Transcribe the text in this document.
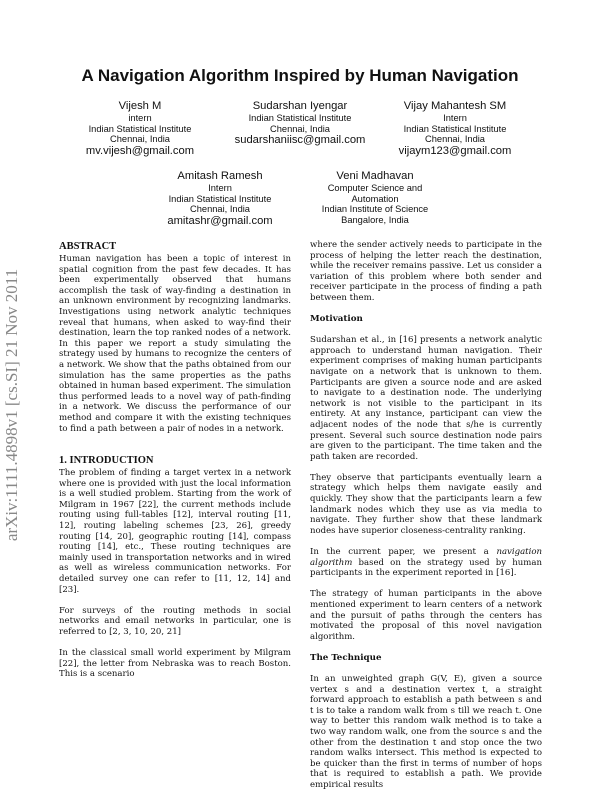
A Navigation Algorithm Inspired by Human Navigation
Vijesh M
intern
Indian Statistical Institute
Chennai, India
mv.vijesh@gmail.com
Sudarshan Iyengar
Indian Statistical Institute
Chennai, India
sudarshaniisc@gmail.com
Vijay Mahantesh SM
Intern
Indian Statistical Institute
Chennai, India
vijaym123@gmail.com
Amitash Ramesh
Intern
Indian Statistical Institute
Chennai, India
amitashr@gmail.com
Veni Madhavan
Computer Science and
Automation
Indian Institute of Science
Bangalore, India
arXiv:1111.4898v1 [cs.SI] 21 Nov 2011
ABSTRACT

Human navigation has been a topic of interest in spatial cognition from the past few decades. It has been experimentally observed that humans accomplish the task of way-finding a destination in an unknown environment by recognizing landmarks. Investigations using network analytic techniques reveal that humans, when asked to way-find their destination, learn the top ranked nodes of a network. In this paper we report a study simulating the strategy used by humans to recognize the centers of a network. We show that the paths obtained from our simulation has the same properties as the paths obtained in human based experiment. The simulation thus performed leads to a novel way of path-finding in a network. We discuss the performance of our method and compare it with the existing techniques to find a path between a pair of nodes in a network.

1. INTRODUCTION

The problem of finding a target vertex in a network where one is provided with just the local information is a well studied problem. Starting from the work of Milgram in 1967 [22], the current methods include routing using full-tables [12], interval routing [11, 12], routing labeling schemes [23, 26], greedy routing [14, 20], geographic routing [14], compass routing [14], etc., These routing techniques are mainly used in transportation networks and in wired as well as wireless communication networks. For detailed survey one can refer to [11, 12, 14] and [23].

For surveys of the routing methods in social networks and email networks in particular, one is referred to [2, 3, 10, 20, 21]

In the classical small world experiment by Milgram [22], the letter from Nebraska was to reach Boston. This is a scenario

where the sender actively needs to participate in the process of helping the letter reach the destination, while the receiver remains passive. Let us consider a variation of this problem where both sender and receiver participate in the process of finding a path between them.

Motivation

Sudarshan et al., in [16] presents a network analytic approach to understand human navigation. Their experiment comprises of making human participants navigate on a network that is unknown to them. Participants are given a source node and are asked to navigate to a destination node. The underlying network is not visible to the participant in its entirety. At any instance, participant can view the adjacent nodes of the node that s/he is currently present. Several such source destination node pairs are given to the participant. The time taken and the path taken are recorded.

They observe that participants eventually learn a strategy which helps them navigate easily and quickly. They show that the participants learn a few landmark nodes which they use as via media to navigate. They further show that these landmark nodes have superior closeness-centrality ranking.

In the current paper, we present a navigation algorithm based on the strategy used by human participants in the experiment reported in [16].

The strategy of human participants in the above mentioned experiment to learn centers of a network and the pursuit of paths through the centers has motivated the proposal of this novel navigation algorithm.

The Technique

In an unweighted graph G(V, E), given a source vertex s and a destination vertex t, a straight forward approach to establish a path between s and t is to take a random walk from s till we reach t. One way to better this random walk method is to take a two way random walk, one from the source s and the other from the destination t and stop once the two random walks intersect. This method is expected to be quicker than the first in terms of number of hops that is required to establish a path. We provide empirical results
